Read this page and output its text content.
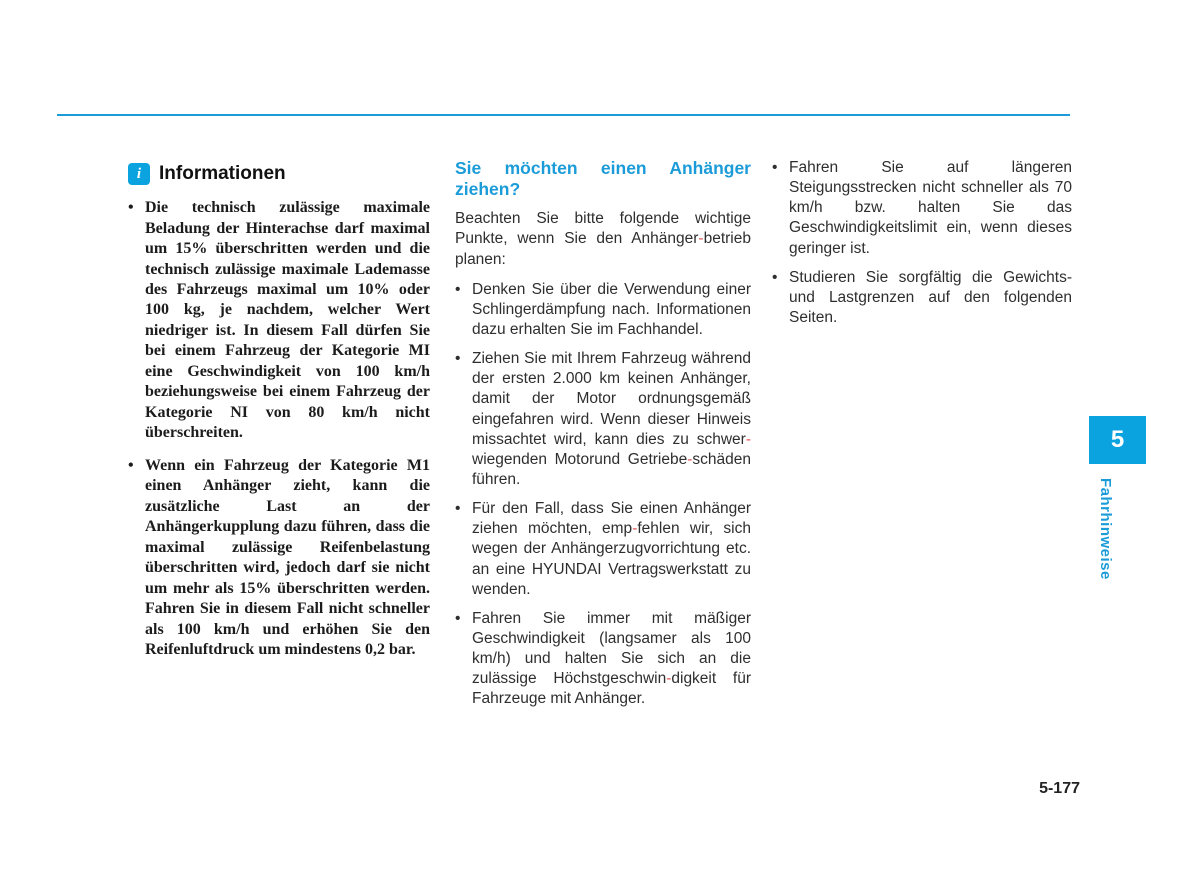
i Informationen
• Die technisch zulässige maximale Beladung der Hinterachse darf maximal um 15% überschritten werden und die technisch zulässige maximale Lademasse des Fahrzeugs maximal um 10% oder 100 kg, je nachdem, welcher Wert niedriger ist. In diesem Fall dürfen Sie bei einem Fahrzeug der Kategorie MI eine Geschwindigkeit von 100 km/h beziehungsweise bei einem Fahrzeug der Kategorie NI von 80 km/h nicht überschreiten.
• Wenn ein Fahrzeug der Kategorie M1 einen Anhänger zieht, kann die zusätzliche Last an der Anhängerkupplung dazu führen, dass die maximal zulässige Reifenbelastung überschritten wird, jedoch darf sie nicht um mehr als 15% überschritten werden. Fahren Sie in diesem Fall nicht schneller als 100 km/h und erhöhen Sie den Reifenluftdruck um mindestens 0,2 bar.
Sie möchten einen Anhänger ziehen?

Beachten Sie bitte folgende wichtige Punkte, wenn Sie den Anhänger-betrieb planen:

• Denken Sie über die Verwendung einer Schlingerdämpfung nach. Informationen dazu erhalten Sie im Fachhandel.
• Ziehen Sie mit Ihrem Fahrzeug während der ersten 2.000 km keinen Anhänger, damit der Motor ordnungsgemäß eingefahren wird. Wenn dieser Hinweis missachtet wird, kann dies zu schwer-wiegenden Motorund Getriebe-schäden führen.
• Für den Fall, dass Sie einen Anhänger ziehen möchten, emp-fehlen wir, sich wegen der Anhängerzugvorrichtung etc. an eine HYUNDAI Vertragswerkstatt zu wenden.
• Fahren Sie immer mit mäßiger Geschwindigkeit (langsamer als 100 km/h) und halten Sie sich an die zulässige Höchstgeschwin-digkeit für Fahrzeuge mit Anhänger.
• Fahren Sie auf längeren Steigungsstrecken nicht schneller als 70 km/h bzw. halten Sie das Geschwindigkeitslimit ein, wenn dieses geringer ist.
• Studieren Sie sorgfältig die Gewichts- und Lastgrenzen auf den folgenden Seiten.
5
Fahrhinweise
5-177
